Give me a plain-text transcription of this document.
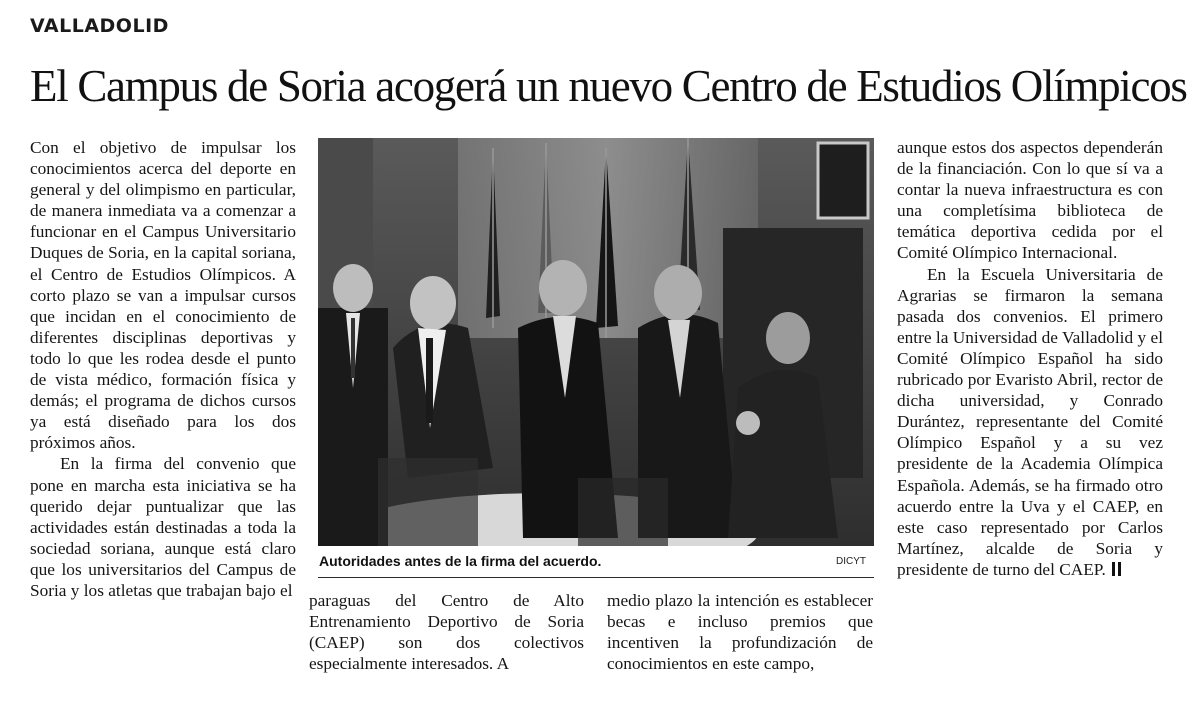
VALLADOLID
El Campus de Soria acogerá un nuevo Centro de Estudios Olímpicos

Con el objetivo de impulsar los conocimientos acerca del deporte en general y del olimpismo en particular, de manera inmediata va a comenzar a funcionar en el Campus Universitario Duques de Soria, en la capital soriana, el Centro de Estudios Olímpicos. A corto plazo se van a impulsar cursos que incidan en el conocimiento de diferentes disciplinas deportivas y todo lo que les rodea desde el punto de vista médico, formación física y demás; el programa de dichos cursos ya está diseñado para los dos próximos años.

En la firma del convenio que pone en marcha esta iniciativa se ha querido dejar puntualizar que las actividades están destinadas a toda la sociedad soriana, aunque está claro que los universitarios del Campus de Soria y los atletas que trabajan bajo el

Autoridades antes de la firma del acuerdo.	DICYT

paraguas del Centro de Alto Entrenamiento Deportivo de Soria (CAEP) son dos colectivos especialmente interesados. A

medio plazo la intención es establecer becas e incluso premios que incentiven la profundización de conocimientos en este campo,

aunque estos dos aspectos dependerán de la financiación. Con lo que sí va a contar la nueva infraestructura es con una completísima biblioteca de temática deportiva cedida por el Comité Olímpico Internacional.

En la Escuela Universitaria de Agrarias se firmaron la semana pasada dos convenios. El primero entre la Universidad de Valladolid y el Comité Olímpico Español ha sido rubricado por Evaristo Abril, rector de dicha universidad, y Conrado Durántez, representante del Comité Olímpico Español y a su vez presidente de la Academia Olímpica Española. Además, se ha firmado otro acuerdo entre la Uva y el CAEP, en este caso representado por Carlos Martínez, alcalde de Soria y presidente de turno del CAEP.
